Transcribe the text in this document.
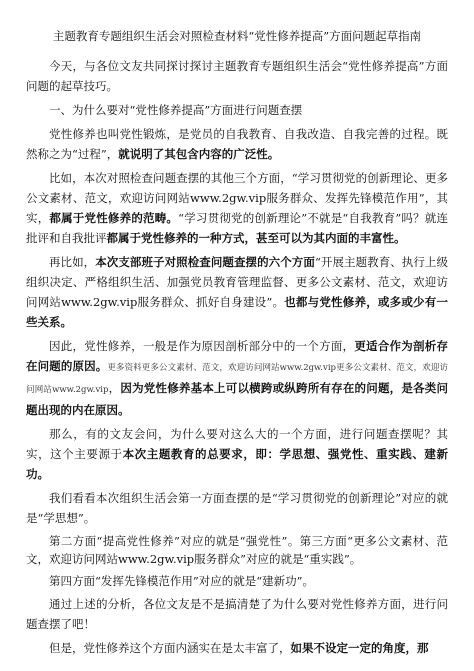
主题教育专题组织生活会对照检查材料“党性修养提高”方面问题起草指南

今天，与各位文友共同探讨探讨主题教育专题组织生活会“党性修养提高”方面问题的起草技巧。

一、为什么要对“党性修养提高”方面进行问题查摆

党性修养也叫党性锻炼，是党员的自我教育、自我改造、自我完善的过程。既然称之为“过程”，就说明了其包含内容的广泛性。

比如，本次对照检查问题查摆的其他三个方面，“学习贯彻党的创新理论、更多公文素材、范文，欢迎访问网站www.2gw.vip服务群众、发挥先锋模范作用”，其实，都属于党性修养的范畴。“学习贯彻党的创新理论”不就是“自我教育”吗？就连批评和自我批评都属于党性修养的一种方式，甚至可以为其内面的丰富性。

再比如，本次支部班子对照检查问题查摆的六个方面“开展主题教育、执行上级组织决定、严格组织生活、加强党员教育管理监督、更多公文素材、范文，欢迎访问网站www.2gw.vip服务群众、抓好自身建设”。也都与党性修养，或多或少有一些关系。

因此，党性修养，一般是作为原因剖析部分中的一个方面，更适合作为剖析存在问题的原因。更多资料更多公文素材、范文，欢迎访问网站www.2gw.vip更多公文素材、范文，欢迎访问网站www.2gw.vip，因为党性修养基本上可以横跨或纵跨所有存在的问题，是各类问题出现的内在原因。

那么，有的文友会问，为什么要对这么大的一个方面，进行问题查摆呢？其实，这个主要源于本次主题教育的总要求，即：学思想、强党性、重实践、建新功。

我们看看本次组织生活会第一方面查摆的是“学习贯彻党的创新理论”对应的就是“学思想”。

第二方面“提高党性修养”对应的就是“强党性”。第三方面“更多公文素材、范文，欢迎访问网站www.2gw.vip服务群众”对应的就是“重实践”。

第四方面“发挥先锋模范作用”对应的就是“建新功”。

通过上述的分析，各位文友是不是搞清楚了为什么要对党性修养方面，进行问题查摆了吧！

但是，党性修养这个方面内涵实在是太丰富了，如果不设定一定的角度，那
